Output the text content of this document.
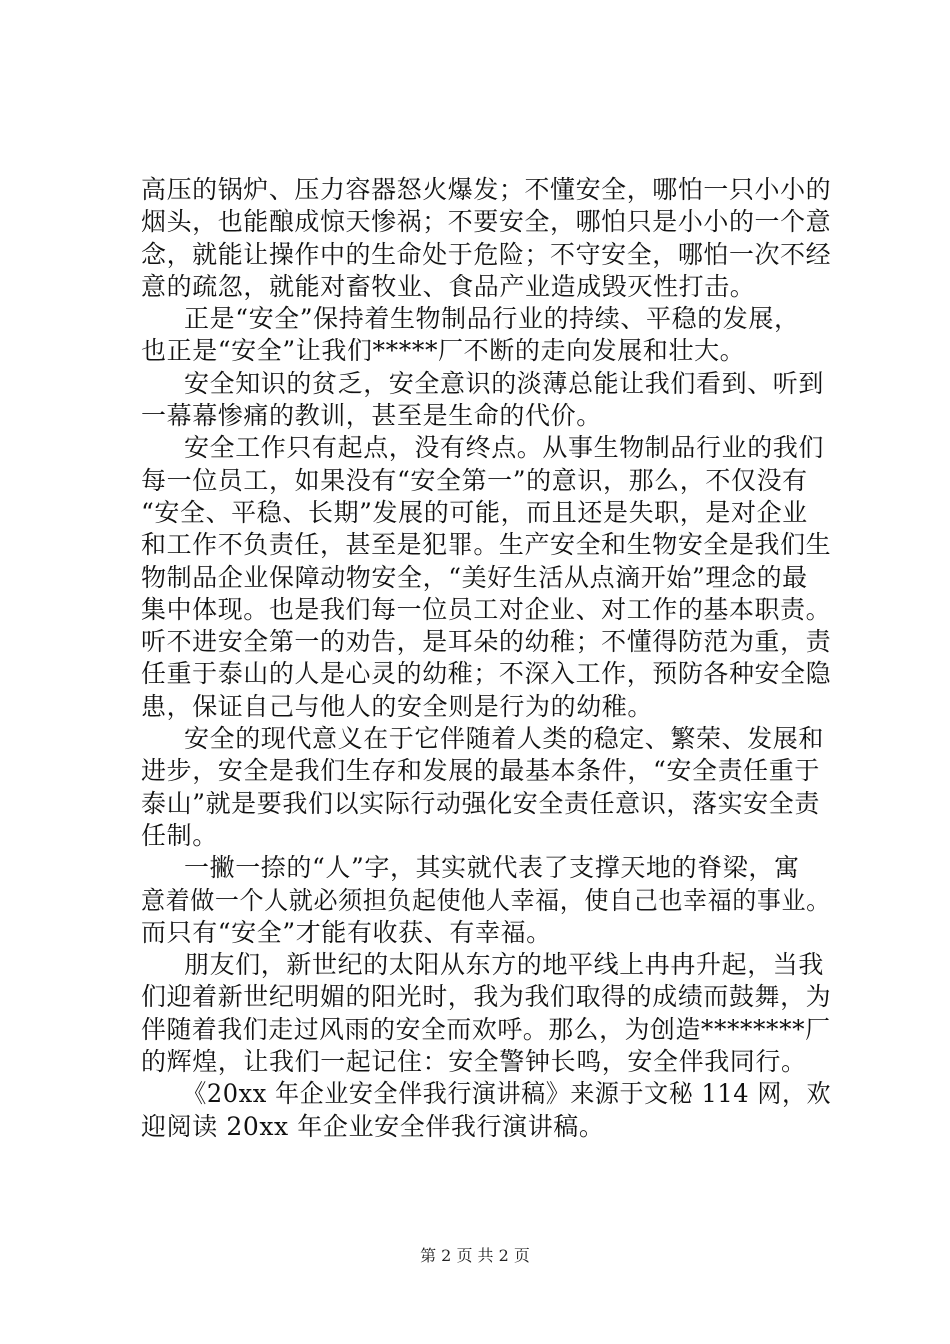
高压的锅炉、压力容器怒火爆发；不懂安全，哪怕一只小小的
烟头，也能酿成惊天惨祸；不要安全，哪怕只是小小的一个意
念，就能让操作中的生命处于危险；不守安全，哪怕一次不经
意的疏忽，就能对畜牧业、食品产业造成毁灭性打击。
正是“安全”保持着生物制品行业的持续、平稳的发展，
也正是“安全”让我们*****厂不断的走向发展和壮大。
安全知识的贫乏，安全意识的淡薄总能让我们看到、听到
一幕幕惨痛的教训，甚至是生命的代价。
安全工作只有起点，没有终点。从事生物制品行业的我们
每一位员工，如果没有“安全第一”的意识，那么，不仅没有
“安全、平稳、长期”发展的可能，而且还是失职，是对企业
和工作不负责任，甚至是犯罪。生产安全和生物安全是我们生
物制品企业保障动物安全，“美好生活从点滴开始”理念的最
集中体现。也是我们每一位员工对企业、对工作的基本职责。
听不进安全第一的劝告，是耳朵的幼稚；不懂得防范为重，责
任重于泰山的人是心灵的幼稚；不深入工作，预防各种安全隐
患，保证自己与他人的安全则是行为的幼稚。
安全的现代意义在于它伴随着人类的稳定、繁荣、发展和
进步，安全是我们生存和发展的最基本条件，“安全责任重于
泰山”就是要我们以实际行动强化安全责任意识，落实安全责
任制。
一撇一捺的“人”字，其实就代表了支撑天地的脊梁，寓
意着做一个人就必须担负起使他人幸福，使自己也幸福的事业。
而只有“安全”才能有收获、有幸福。
朋友们，新世纪的太阳从东方的地平线上冉冉升起，当我
们迎着新世纪明媚的阳光时，我为我们取得的成绩而鼓舞，为
伴随着我们走过风雨的安全而欢呼。那么，为创造********厂
的辉煌，让我们一起记住：安全警钟长鸣，安全伴我同行。
《20xx 年企业安全伴我行演讲稿》来源于文秘 114 网，欢
迎阅读 20xx 年企业安全伴我行演讲稿。
第 2 页 共 2 页
